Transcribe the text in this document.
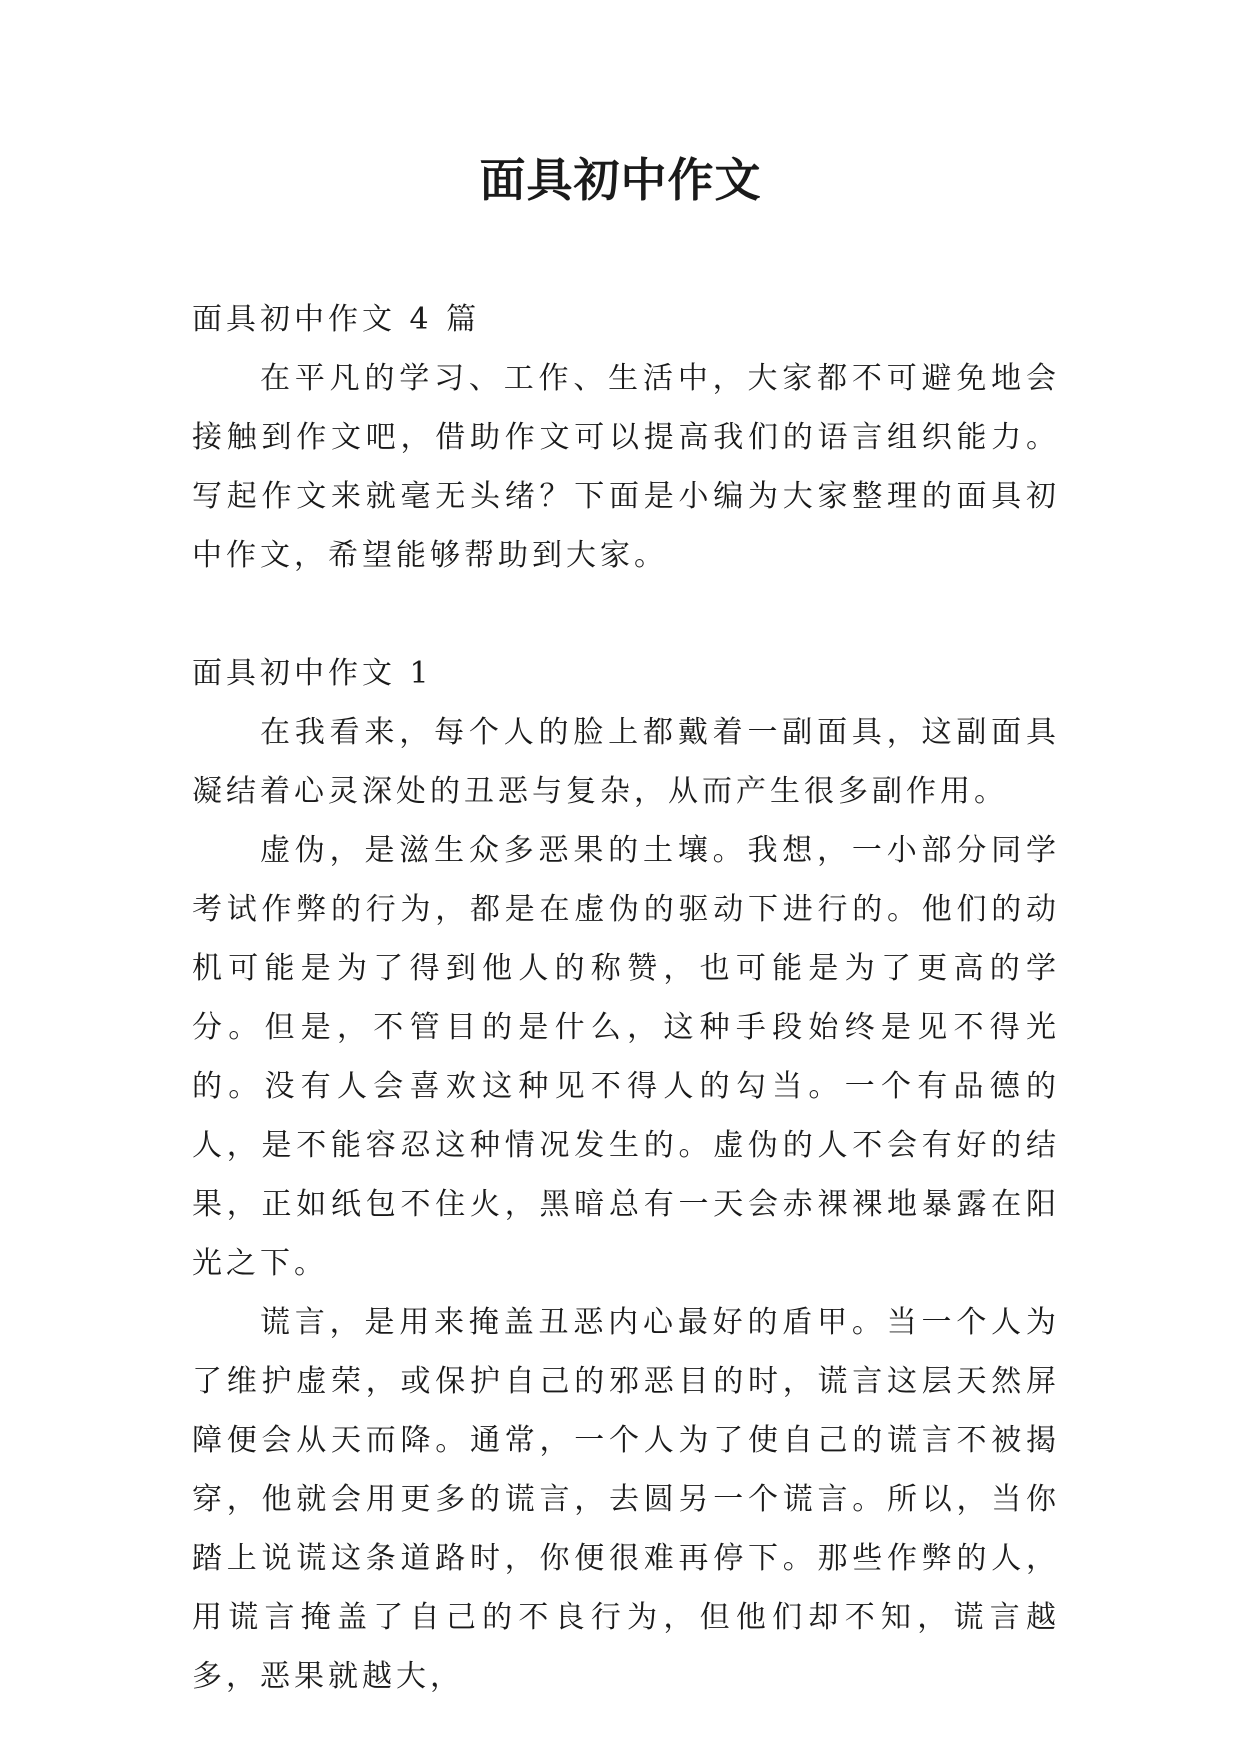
面具初中作文

面具初中作文 4 篇

在平凡的学习、工作、生活中，大家都不可避免地会接触到作文吧，借助作文可以提高我们的语言组织能力。写起作文来就毫无头绪？下面是小编为大家整理的面具初中作文，希望能够帮助到大家。

面具初中作文 1

在我看来，每个人的脸上都戴着一副面具，这副面具凝结着心灵深处的丑恶与复杂，从而产生很多副作用。

虚伪，是滋生众多恶果的土壤。我想，一小部分同学考试作弊的行为，都是在虚伪的驱动下进行的。他们的动机可能是为了得到他人的称赞，也可能是为了更高的学分。但是，不管目的是什么，这种手段始终是见不得光的。没有人会喜欢这种见不得人的勾当。一个有品德的人，是不能容忍这种情况发生的。虚伪的人不会有好的结果，正如纸包不住火，黑暗总有一天会赤裸裸地暴露在阳光之下。

谎言，是用来掩盖丑恶内心最好的盾甲。当一个人为了维护虚荣，或保护自己的邪恶目的时，谎言这层天然屏障便会从天而降。通常，一个人为了使自己的谎言不被揭穿，他就会用更多的谎言，去圆另一个谎言。所以，当你踏上说谎这条道路时，你便很难再停下。那些作弊的人，用谎言掩盖了自己的不良行为，但他们却不知，谎言越多，恶果就越大，
